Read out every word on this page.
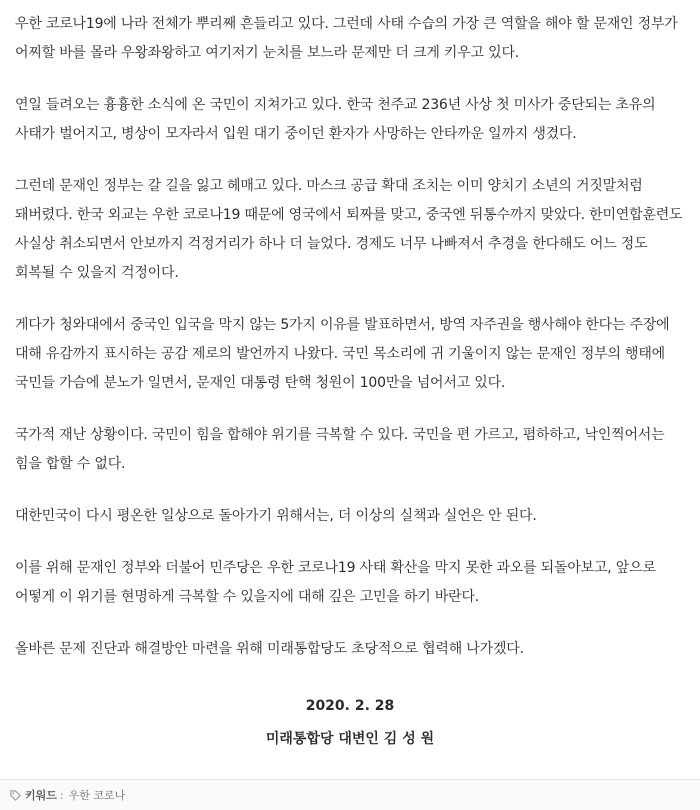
우한 코로나19에 나라 전체가 뿌리째 흔들리고 있다. 그런데 사태 수습의 가장 큰 역할을 해야 할 문재인 정부가 어찌할 바를 몰라 우왕좌왕하고 여기저기 눈치를 보느라 문제만 더 크게 키우고 있다.

연일 들려오는 흉흉한 소식에 온 국민이 지쳐가고 있다. 한국 천주교 236년 사상 첫 미사가 중단되는 초유의 사태가 벌어지고, 병상이 모자라서 입원 대기 중이던 환자가 사망하는 안타까운 일까지 생겼다.

그런데 문재인 정부는 갈 길을 잃고 헤매고 있다. 마스크 공급 확대 조치는 이미 양치기 소년의 거짓말처럼 돼버렸다. 한국 외교는 우한 코로나19 때문에 영국에서 퇴짜를 맞고, 중국엔 뒤통수까지 맞았다. 한미연합훈련도 사실상 취소되면서 안보까지 걱정거리가 하나 더 늘었다. 경제도 너무 나빠져서 추경을 한다해도 어느 정도 회복될 수 있을지 걱정이다.

게다가 청와대에서 중국인 입국을 막지 않는 5가지 이유를 발표하면서, 방역 자주권을 행사해야 한다는 주장에 대해 유감까지 표시하는 공감 제로의 발언까지 나왔다. 국민 목소리에 귀 기울이지 않는 문재인 정부의 행태에 국민들 가슴에 분노가 일면서, 문재인 대통령 탄핵 청원이 100만을 넘어서고 있다.

국가적 재난 상황이다. 국민이 힘을 합해야 위기를 극복할 수 있다. 국민을 편 가르고, 폄하하고, 낙인찍어서는 힘을 합할 수 없다.

대한민국이 다시 평온한 일상으로 돌아가기 위해서는, 더 이상의 실책과 실언은 안 된다.

이를 위해 문재인 정부와 더불어 민주당은 우한 코로나19 사태 확산을 막지 못한 과오를 되돌아보고, 앞으로 어떻게 이 위기를 현명하게 극복할 수 있을지에 대해 깊은 고민을 하기 바란다.

올바른 문제 진단과 해결방안 마련을 위해 미래통합당도 초당적으로 협력해 나가겠다.

2020. 2. 28
미래통합당 대변인 김 성 원
키워드 : 우한 코로나
